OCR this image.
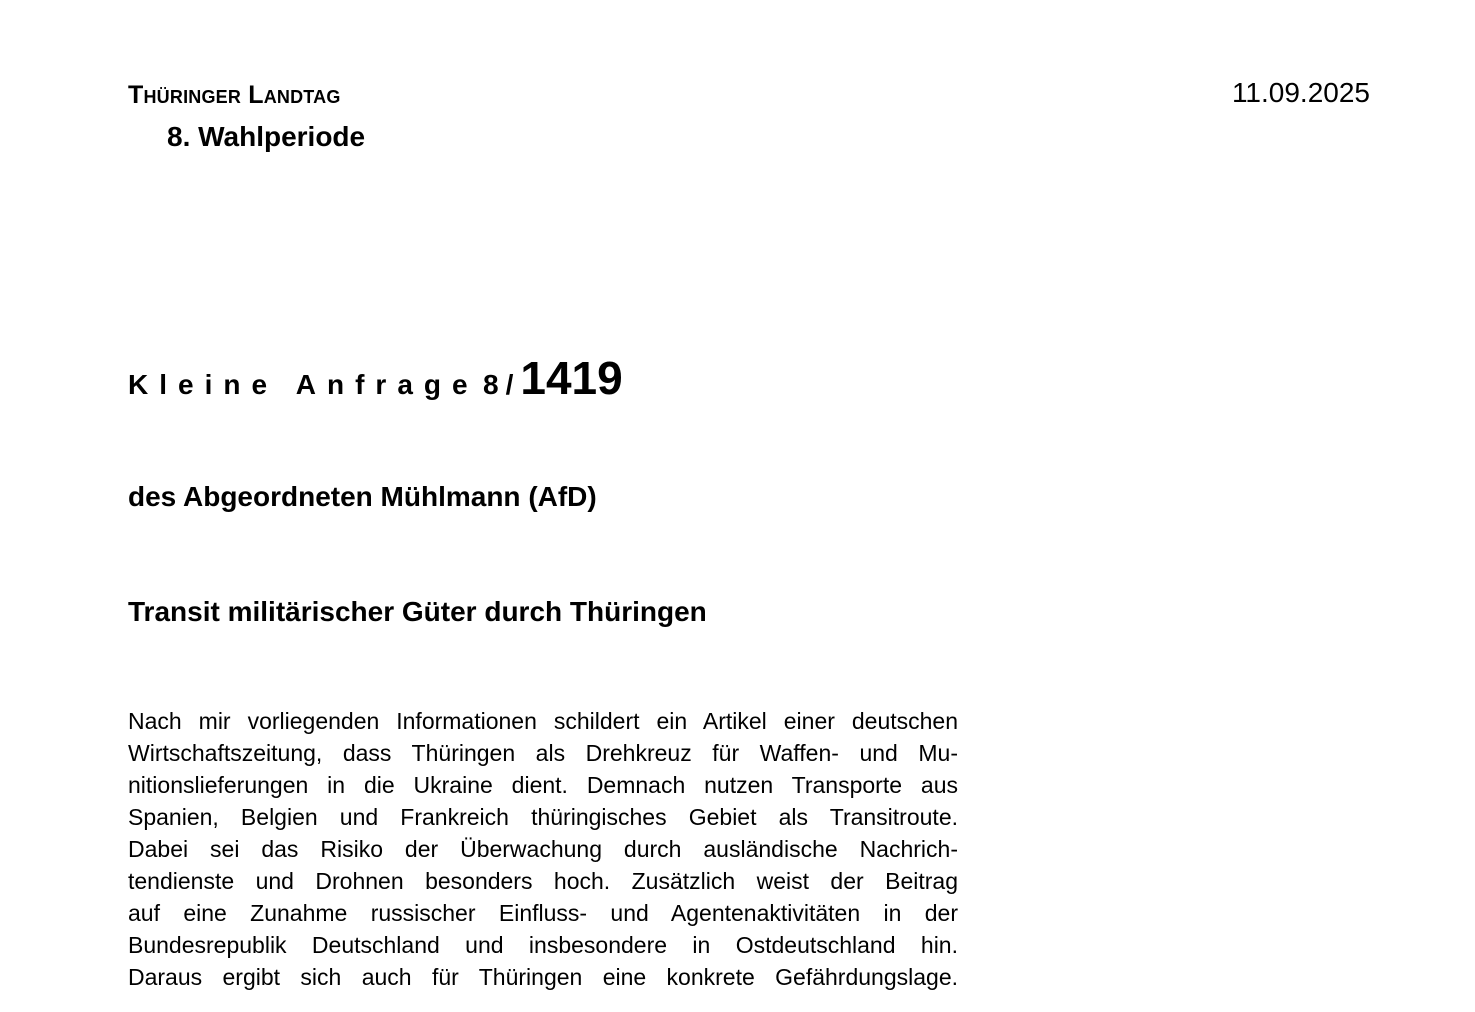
Thüringer Landtag
8. Wahlperiode
11.09.2025
Kleine Anfrage 8/1419
des Abgeordneten Mühlmann (AfD)
Transit militärischer Güter durch Thüringen
Nach mir vorliegenden Informationen schildert ein Artikel einer deutschen
Wirtschaftszeitung, dass Thüringen als Drehkreuz für Waffen- und Mu-
nitionslieferungen in die Ukraine dient. Demnach nutzen Transporte aus
Spanien, Belgien und Frankreich thüringisches Gebiet als Transitroute.
Dabei sei das Risiko der Überwachung durch ausländische Nachrich-
tendienste und Drohnen besonders hoch. Zusätzlich weist der Beitrag
auf eine Zunahme russischer Einfluss- und Agentenaktivitäten in der
Bundesrepublik Deutschland und insbesondere in Ostdeutschland hin.
Daraus ergibt sich auch für Thüringen eine konkrete Gefährdungslage.
